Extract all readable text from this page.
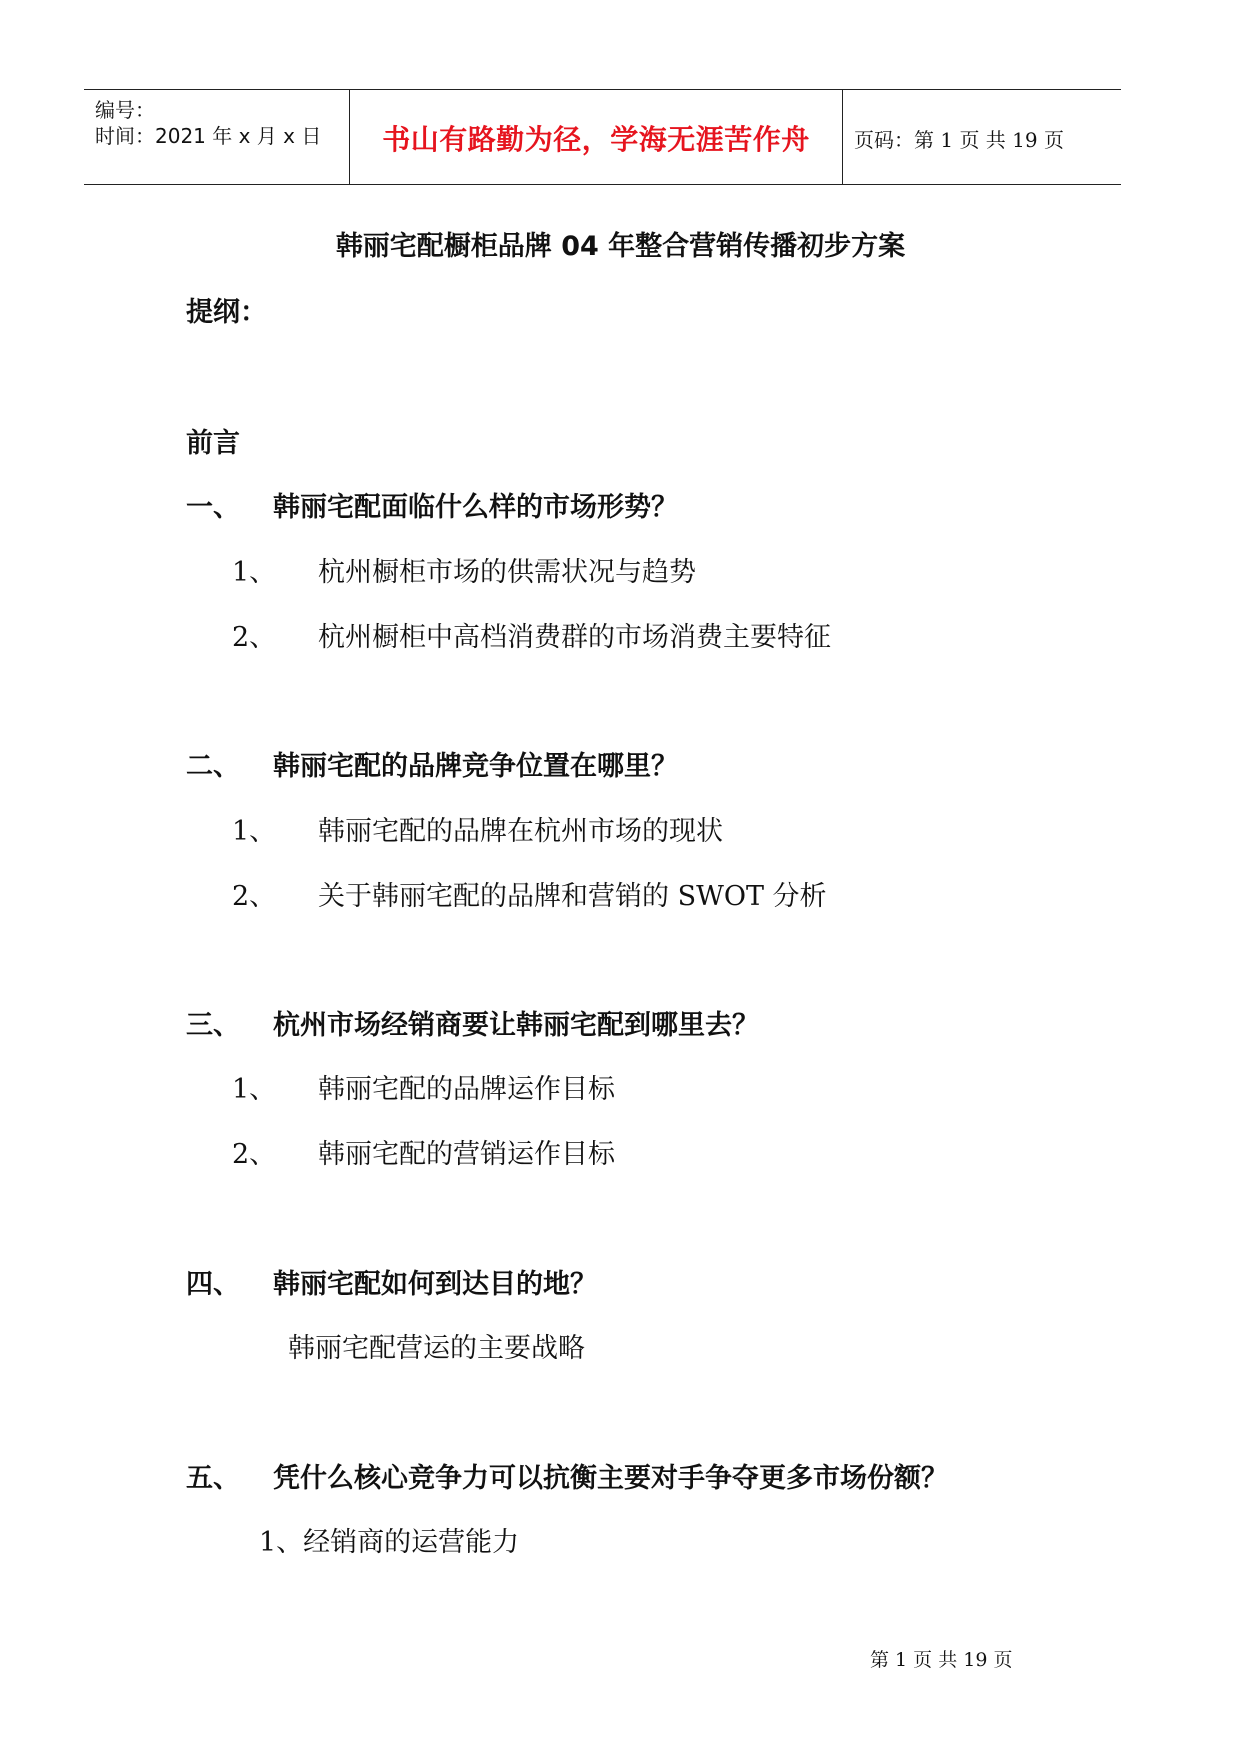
编号：
时间：2021 年 x 月 x 日	书山有路勤为径，学海无涯苦作舟	页码：第 1 页 共 19 页
韩丽宅配橱柜品牌 04 年整合营销传播初步方案
提纲：
前言
一、 韩丽宅配面临什么样的市场形势？
1、 杭州橱柜市场的供需状况与趋势
2、 杭州橱柜中高档消费群的市场消费主要特征
二、 韩丽宅配的品牌竞争位置在哪里？
1、 韩丽宅配的品牌在杭州市场的现状
2、 关于韩丽宅配的品牌和营销的 SWOT 分析
三、 杭州市场经销商要让韩丽宅配到哪里去？
1、 韩丽宅配的品牌运作目标
2、 韩丽宅配的营销运作目标
四、 韩丽宅配如何到达目的地？
韩丽宅配营运的主要战略
五、 凭什么核心竞争力可以抗衡主要对手争夺更多市场份额？
1、经销商的运营能力
第 1 页 共 19 页
